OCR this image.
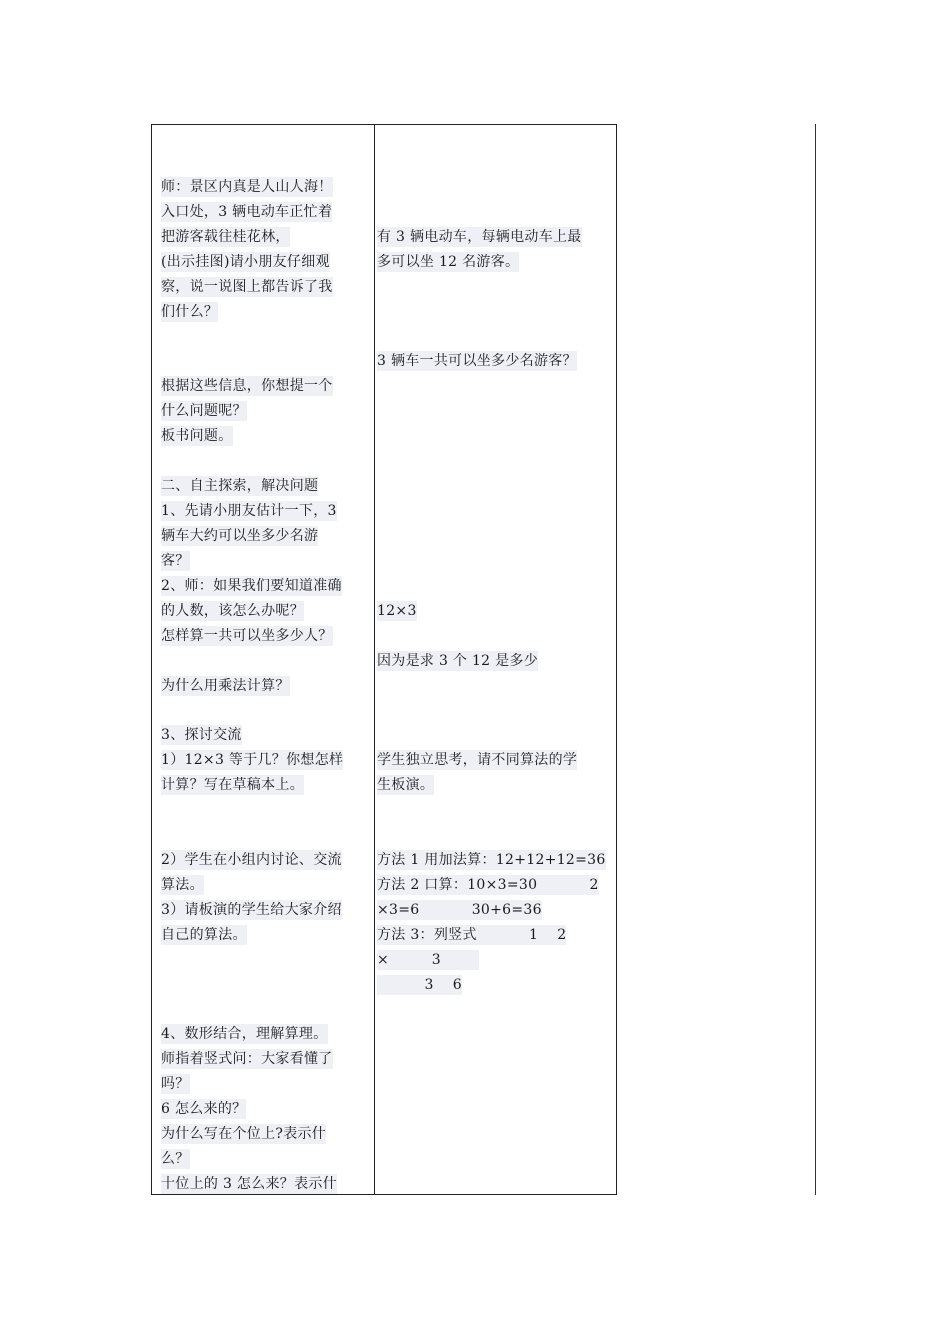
师：景区内真是人山人海！
入口处，3 辆电动车正忙着
把游客载往桂花林，
(出示挂图)请小朋友仔细观
察，说一说图上都告诉了我
们什么？
根据这些信息，你想提一个
什么问题呢？
板书问题。
二、自主探索，解决问题
1、先请小朋友估计一下，3
辆车大约可以坐多少名游
客？
2、师：如果我们要知道准确
的人数，该怎么办呢？
怎样算一共可以坐多少人？
为什么用乘法计算？
3、探讨交流
1）12×3 等于几？你想怎样
计算？写在草稿本上。
2）学生在小组内讨论、交流
算法。
3）请板演的学生给大家介绍
自己的算法。
4、数形结合，理解算理。
师指着竖式问：大家看懂了
吗？
6 怎么来的？
为什么写在个位上?表示什
么？
十位上的 3 怎么来？表示什
有 3 辆电动车，每辆电动车上最
多可以坐 12 名游客。
3 辆车一共可以坐多少名游客？
12×3
因为是求 3 个 12 是多少
学生独立思考，请不同算法的学
生板演。
方法 1 用加法算：12+12+12=36
方法 2 口算：10×3=30           2
×3=6           30+6=36
方法 3：列竖式           1    2
×         3
3    6
